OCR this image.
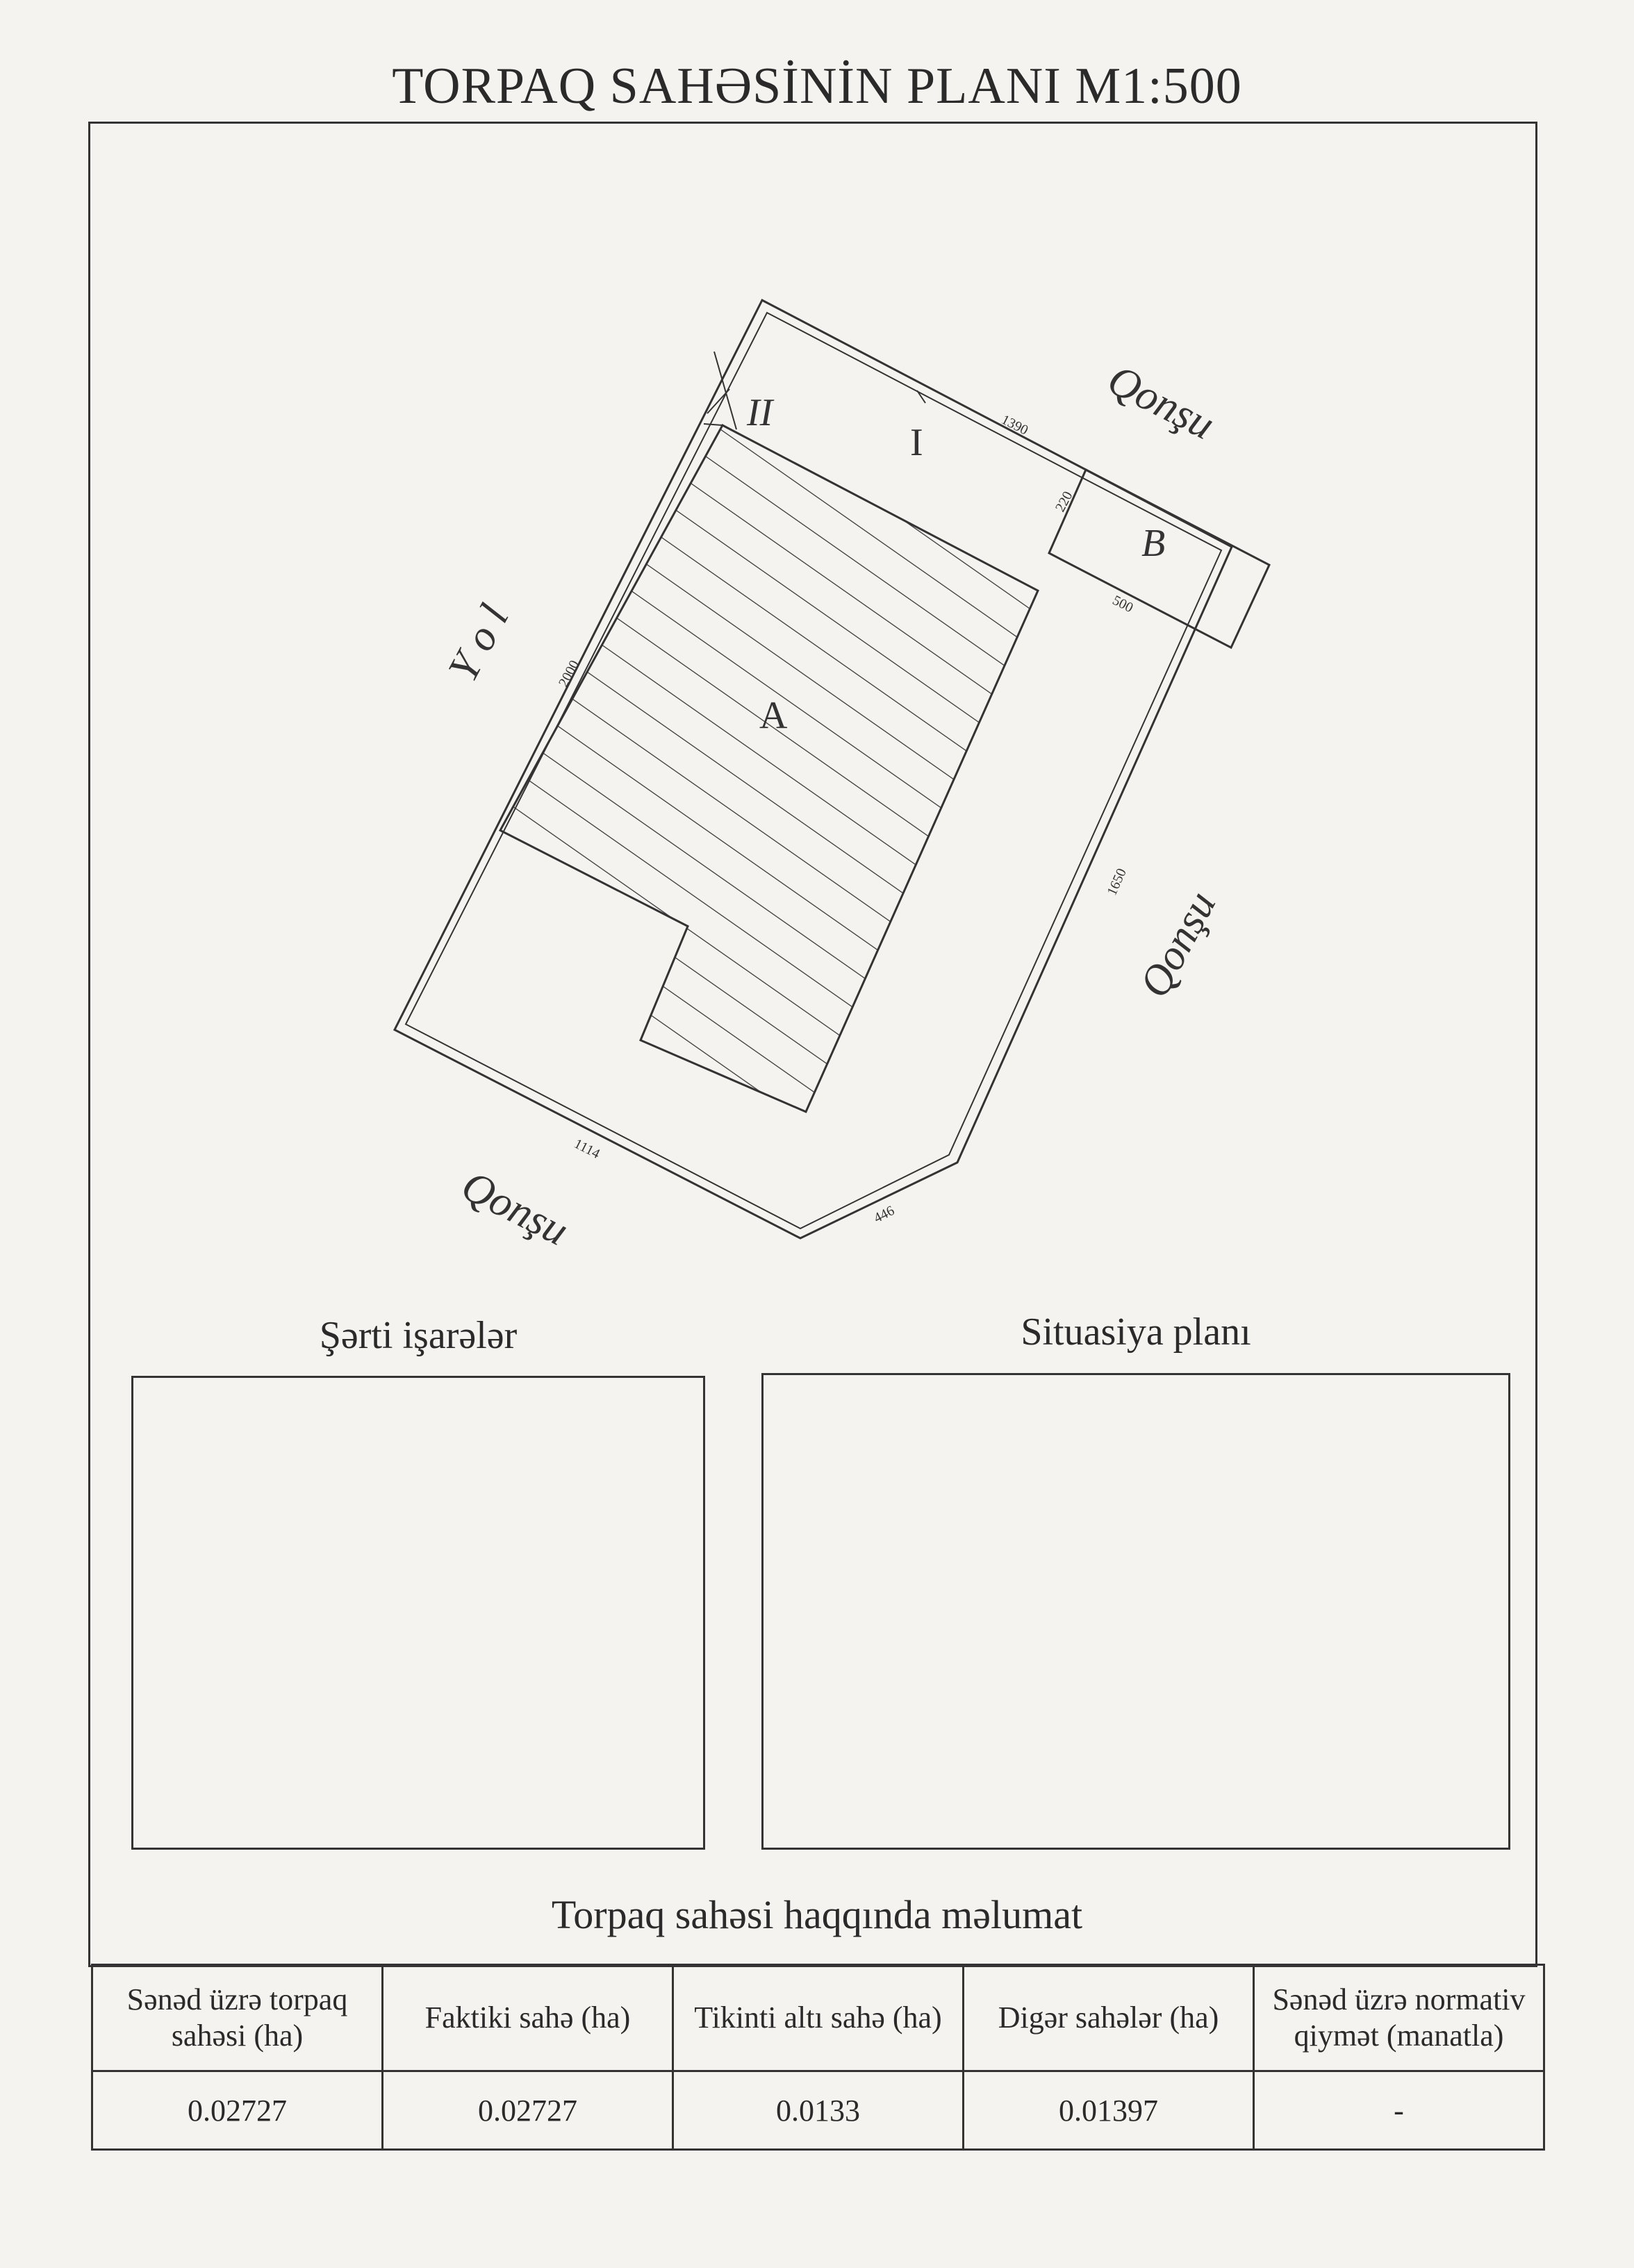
TORPAQ SAHƏSİNİN PLANI M1:500
Qonşu
Qonşu
Qonşu
Y o l
A
B
I
II	1390
220
500
2000
1650
1114
446
Şərti işarələr	Situasiya planı
Torpaq sahəsi haqqında məlumat
Sənəd üzrə torpaq sahəsi (ha)	Faktiki sahə (ha)	Tikinti altı sahə (ha)	Digər sahələr (ha)	Sənəd üzrə normativ qiymət (manatla)
0.02727	0.02727	0.0133	0.01397	-
